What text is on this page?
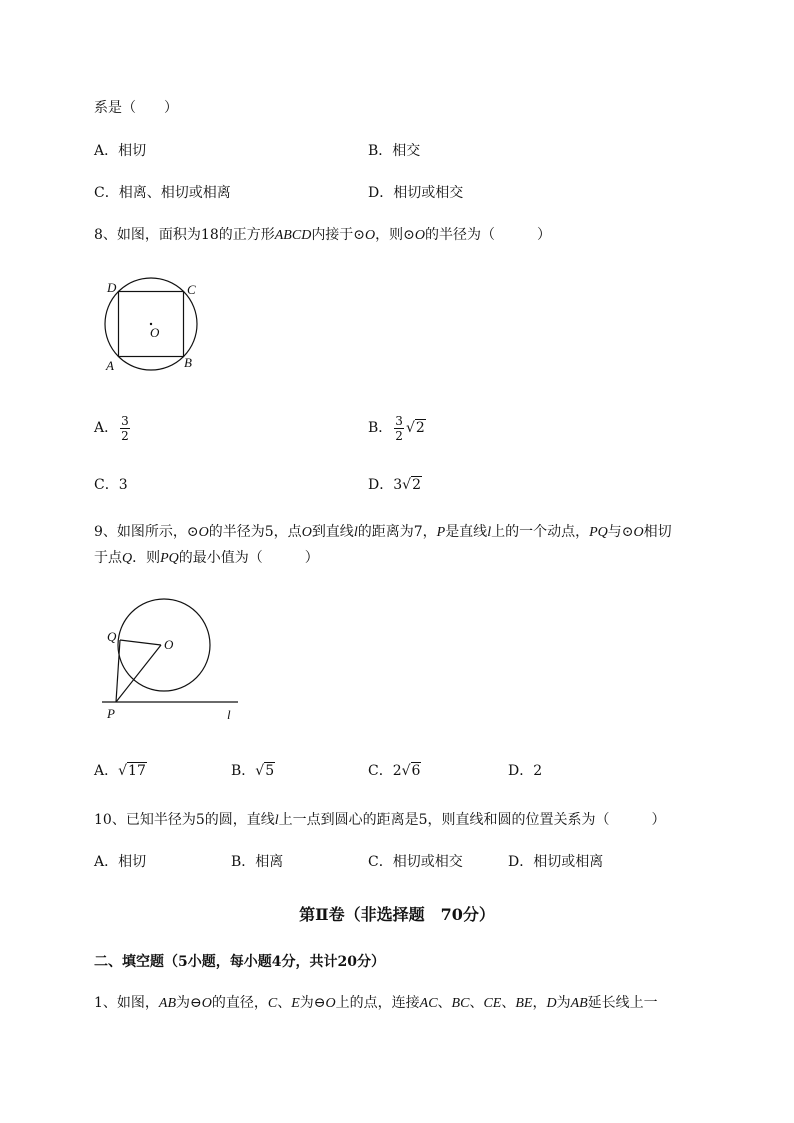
系是（　　）
A．相切	B．相交
C．相离、相切或相离	D．相切或相交
8、如图，面积为18的正方形ABCD内接于⊙O，则⊙O的半径为（　　　）
D	C
O
A	B
A． $\frac{3}{2}$	B． $\frac{3}{2} √2$
C．3	D．3√2
9、如图所示，⊙O的半径为5，点O到直线l的距离为7，P是直线l上的一个动点，PQ与⊙O相切
于点Q．则PQ的最小值为（　　　）
Q
O
P	l
A．√17	B．√5	C．2√6	D．2
10、已知半径为5的圆，直线l上一点到圆心的距离是5，则直线和圆的位置关系为（　　　）
A．相切	B．相离	C．相切或相交	D．相切或相离
第Ⅱ卷（非选择题　70分）
二、填空题（5小题，每小题4分，共计20分）
1、如图，AB为⊖O的直径，C、E为⊖O上的点，连接AC、BC、CE、BE，D为AB延长线上一
